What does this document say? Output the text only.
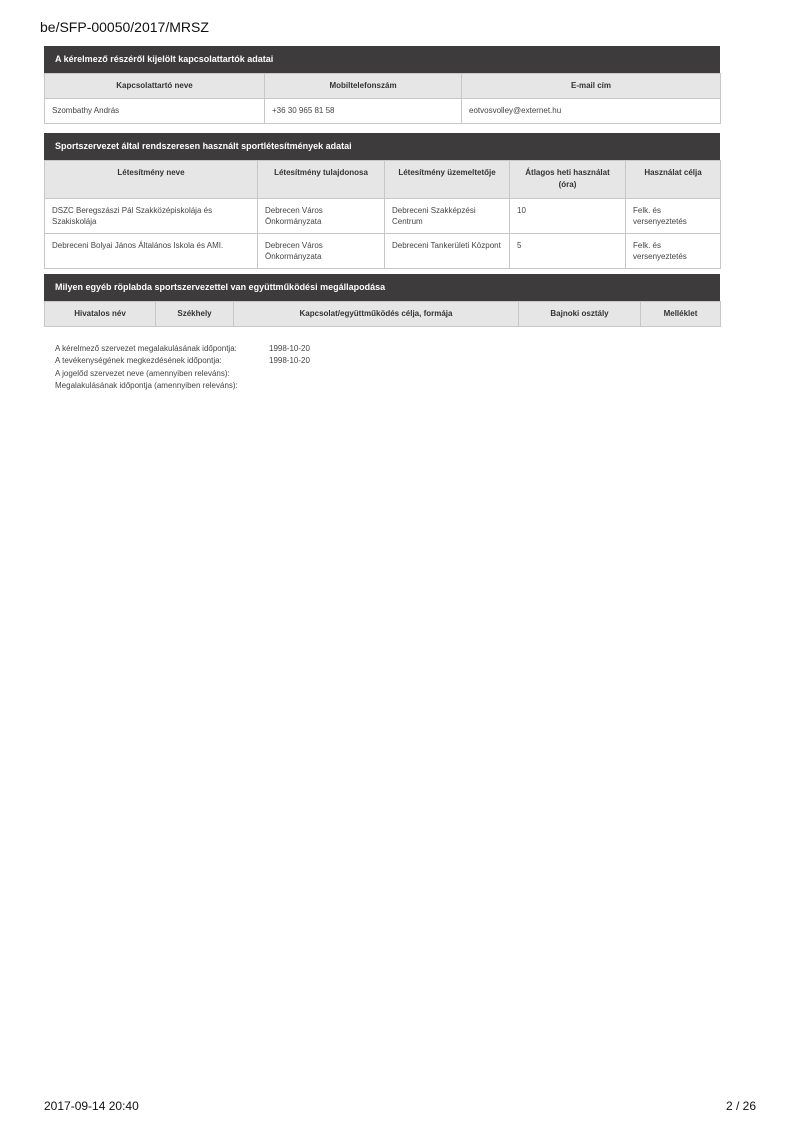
be/SFP-00050/2017/MRSZ
A kérelmező részéről kijelölt kapcsolattartók adatai
Kapcsolattartó neve	Mobiltelefonszám	E-mail cím
Szombathy András	+36 30 965 81 58	eotvosvolley@externet.hu
Sportszervezet által rendszeresen használt sportlétesítmények adatai
Létesítmény neve	Létesítmény tulajdonosa	Létesítmény üzemeltetője	Átlagos heti használat (óra)	Használat célja
DSZC Beregszászi Pál Szakközépiskolája és Szakiskolája	Debrecen Város Önkormányzata	Debreceni Szakképzési Centrum	10	Felk. és versenyeztetés
Debreceni Bolyai János Általános Iskola és AMI.	Debrecen Város Önkormányzata	Debreceni Tankerületi Központ	5	Felk. és versenyeztetés
Milyen egyéb röplabda sportszervezettel van együttműködési megállapodása
Hivatalos név	Székhely	Kapcsolat/együttműködés célja, formája	Bajnoki osztály	Melléklet
A kérelmező szervezet megalakulásának időpontja:	1998-10-20
A tevékenységének megkezdésének időpontja:	1998-10-20
A jogelőd szervezet neve (amennyiben releváns):
Megalakulásának időpontja (amennyiben releváns):
2017-09-14 20:40	2 / 26
